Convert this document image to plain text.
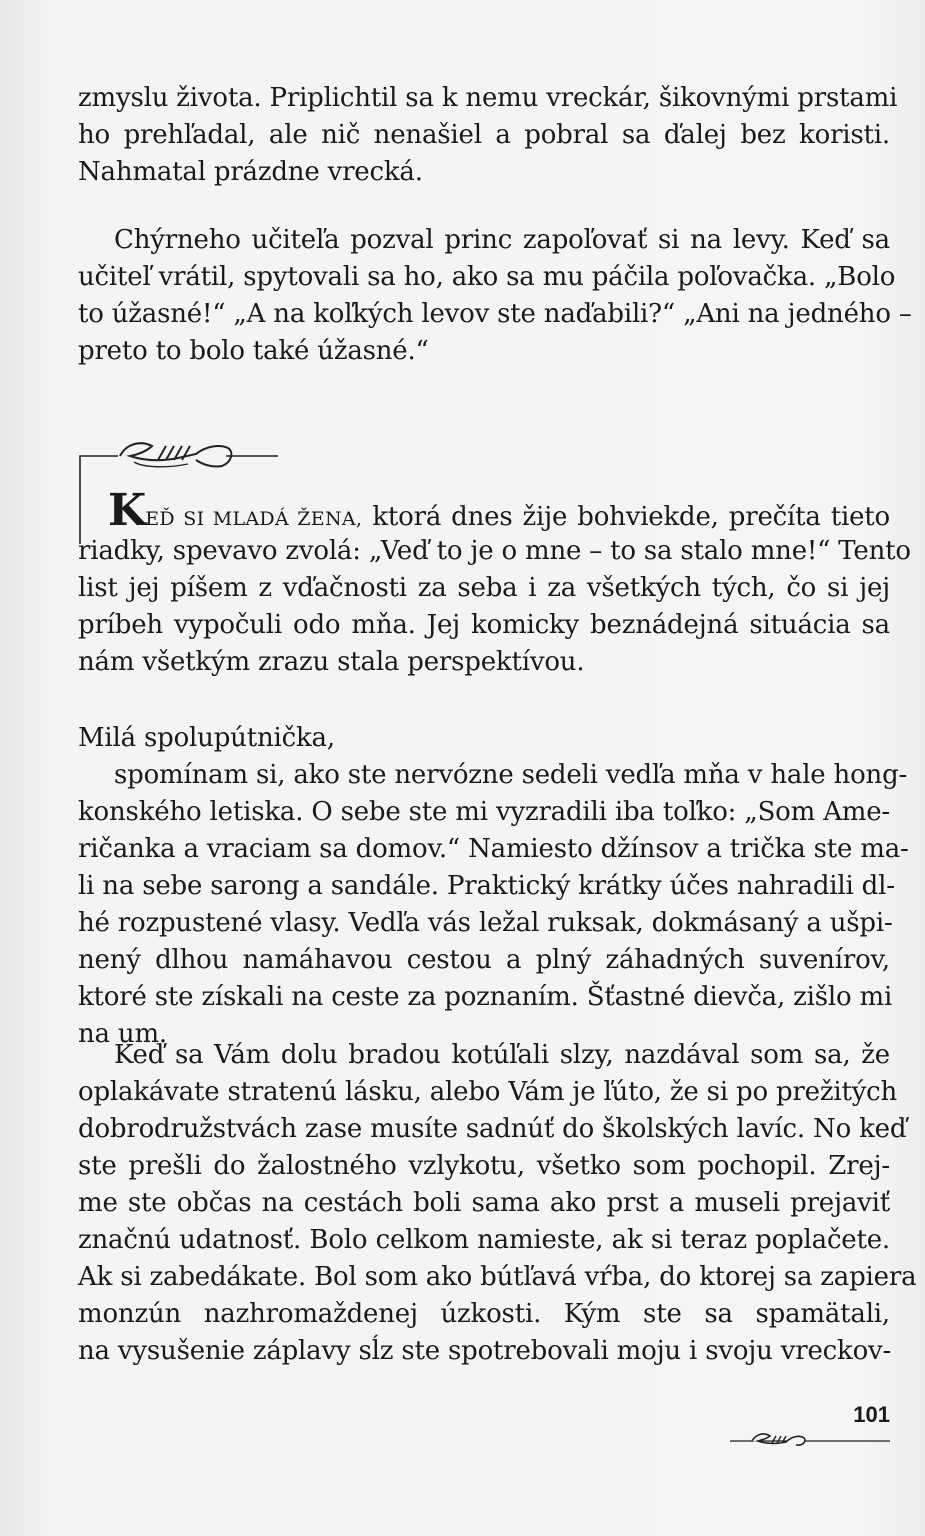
zmyslu života. Priplichtil sa k nemu vreckár, šikovnými prstami
ho prehľadal, ale nič nenašiel a pobral sa ďalej bez koristi.
Nahmatal prázdne vrecká.
Chýrneho učiteľa pozval princ zapoľovať si na levy. Keď sa
učiteľ vrátil, spytovali sa ho, ako sa mu páčila poľovačka. „Bolo
to úžasné!“ „A na koľkých levov ste naďabili?“ „Ani na jedného –
preto to bolo také úžasné.“
KEĎ SI MLADÁ ŽENA, ktorá dnes žije bohviekde, prečíta tieto
riadky, spevavo zvolá: „Veď to je o mne – to sa stalo mne!“ Tento
list jej píšem z vďačnosti za seba i za všetkých tých, čo si jej
príbeh vypočuli odo mňa. Jej komicky beznádejná situácia sa
nám všetkým zrazu stala perspektívou.
Milá spolupútnička,
spomínam si, ako ste nervózne sedeli vedľa mňa v hale hong-
konského letiska. O sebe ste mi vyzradili iba toľko: „Som Ame-
ričanka a vraciam sa domov.“ Namiesto džínsov a trička ste ma-
li na sebe sarong a sandále. Praktický krátky účes nahradili dl-
hé rozpustené vlasy. Vedľa vás ležal ruksak, dokmásaný a ušpi-
nený dlhou namáhavou cestou a plný záhadných suvenírov,
ktoré ste získali na ceste za poznaním. Šťastné dievča, zišlo mi
na um.
Keď sa Vám dolu bradou kotúľali slzy, nazdával som sa, že
oplakávate stratenú lásku, alebo Vám je ľúto, že si po prežitých
dobrodružstvách zase musíte sadnúť do školských lavíc. No keď
ste prešli do žalostného vzlykotu, všetko som pochopil. Zrej-
me ste občas na cestách boli sama ako prst a museli prejaviť
značnú udatnosť. Bolo celkom namieste, ak si teraz poplačete.
Ak si zabedákate. Bol som ako bútľavá vŕba, do ktorej sa zapiera
monzún nazhromaždenej úzkosti. Kým ste sa spamätali,
na vysušenie záplavy sĺz ste spotrebovali moju i svoju vreckov-
101
